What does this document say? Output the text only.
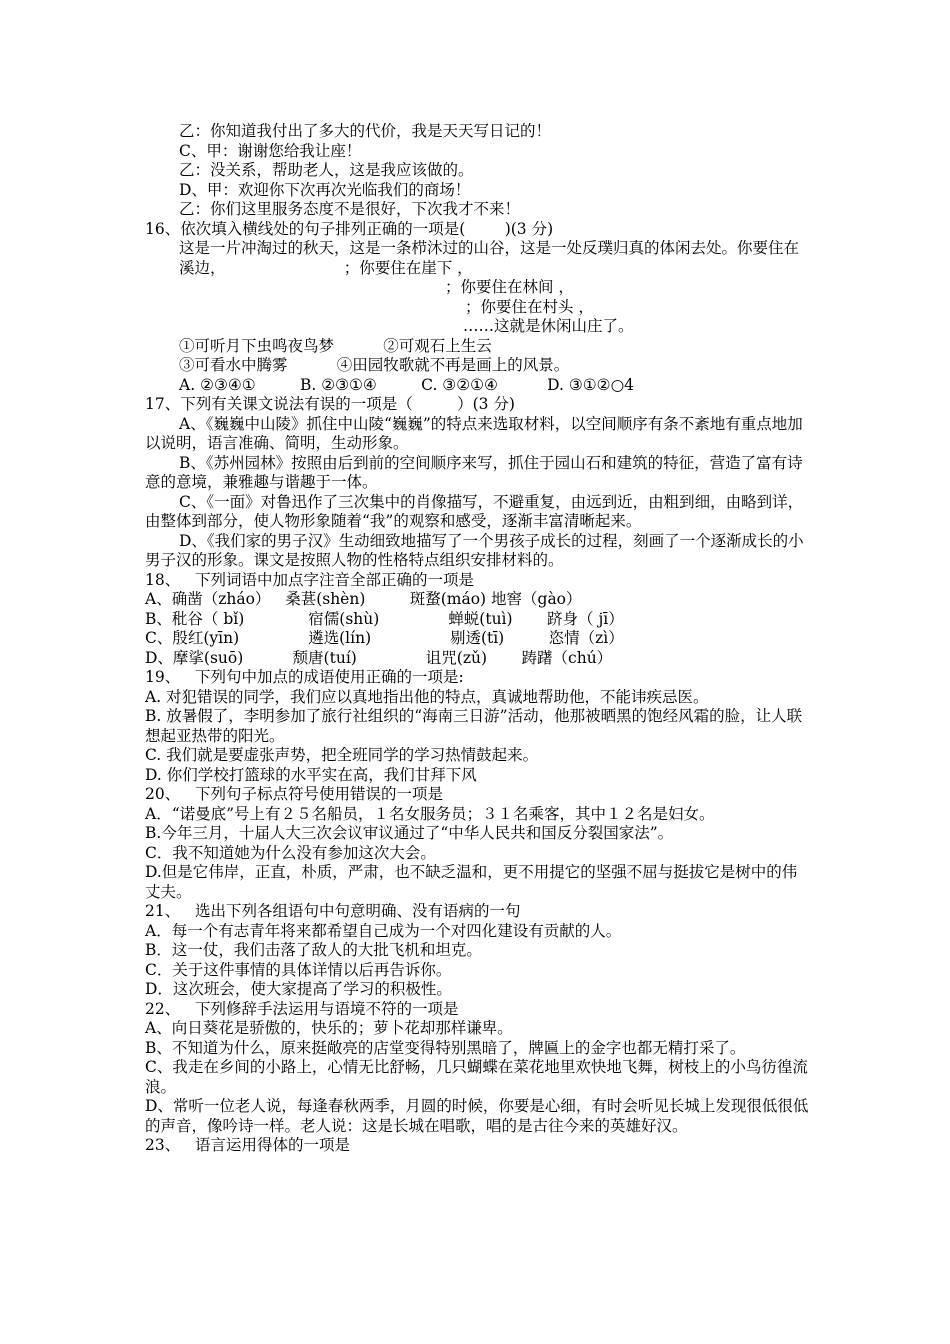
乙：你知道我付出了多大的代价，我是天天写日记的！
C、甲：谢谢您给我让座！
乙：没关系，帮助老人，这是我应该做的。
D、甲：欢迎你下次再次光临我们的商场！
乙：你们这里服务态度不是很好，下次我才不来！
16、依次填入横线处的句子排列正确的一项是(        )(3 分)
这是一片冲淘过的秋天，这是一条栉沐过的山谷，这是一处反璞归真的体闲去处。你要住在溪边，                        ；你要住在崖下 ，
；你要住在林间 ，
；你要住在村头 ，
……这就是休闲山庄了。
①可听月下虫鸣夜鸟梦          ②可观石上生云
③可看水中腾雾          ④田园牧歌就不再是画上的风景。
A. ②③④①         B. ②③①④         C. ③②①④          D. ③①②○4
17、下列有关课文说法有误的一项是（         ）(3 分)
A、《巍巍中山陵》抓住中山陵“巍巍”的特点来选取材料，以空间顺序有条不紊地有重点地加以说明，语言准确、简明，生动形象。
B、《苏州园林》按照由后到前的空间顺序来写，抓住于园山石和建筑的特征，营造了富有诗意的意境，兼雅趣与谐趣于一体。
C、《一面》对鲁迅作了三次集中的肖像描写，不避重复，由远到近，由粗到细，由略到详，由整体到部分，使人物形象随着“我”的观察和感受，逐渐丰富清晰起来。
D、《我们家的男子汉》生动细致地描写了一个男孩子成长的过程，刻画了一个逐渐成长的小男子汉的形象。课文是按照人物的性格特点组织安排材料的。
18、   下列词语中加点字注音全部正确的一项是
A、确凿（zháo）   桑葚(shèn)         斑蝥(máo) 地窖（gào）
B、秕谷（ bǐ)             宿儒(shù)              蝉蜕(tuì)       跻身（ jī）
C、殷红(yīn)              遴选(lín)                剔透(tī)         恣情（zì）
D、摩挲(suō)          颓唐(tuí)              诅咒(zǔ)       踌躇（chú）
19、   下列句中加点的成语使用正确的一项是:
A. 对犯错误的同学，我们应以真地指出他的特点，真诚地帮助他，不能讳疾忌医。
B. 放暑假了，李明参加了旅行社组织的“海南三日游”活动，他那被晒黑的饱经风霜的脸，让人联想起亚热带的阳光。
C. 我们就是要虚张声势，把全班同学的学习热情鼓起来。
D. 你们学校打篮球的水平实在高，我们甘拜下风
20、   下列句子标点符号使用错误的一项是
A．“诺曼底”号上有２５名船员，１名女服务员；３１名乘客，其中１２名是妇女。
B.今年三月，十届人大三次会议审议通过了“中华人民共和国反分裂国家法”。
C．我不知道她为什么没有参加这次大会。
D.但是它伟岸，正直，朴质，严肃，也不缺乏温和，更不用提它的坚强不屈与挺拔它是树中的伟丈夫。
21、   选出下列各组语句中句意明确、没有语病的一句
A．每一个有志青年将来都希望自己成为一个对四化建设有贡献的人。
B．这一仗，我们击落了敌人的大批飞机和坦克。
C．关于这件事情的具体详情以后再告诉你。
D．这次班会，使大家提高了学习的积极性。
22、   下列修辞手法运用与语境不符的一项是
A、向日葵花是骄傲的，快乐的；萝卜花却那样谦卑。
B、不知道为什么，原来挺敞亮的店堂变得特别黑暗了，牌匾上的金字也都无精打采了。
C、我走在乡间的小路上，心情无比舒畅，几只蝴蝶在菜花地里欢快地飞舞，树枝上的小鸟彷徨流浪。
D、常听一位老人说，每逢春秋两季，月圆的时候，你要是心细，有时会听见长城上发现很低很低的声音，像吟诗一样。老人说：这是长城在唱歌，唱的是古往今来的英雄好汉。
23、   语言运用得体的一项是
